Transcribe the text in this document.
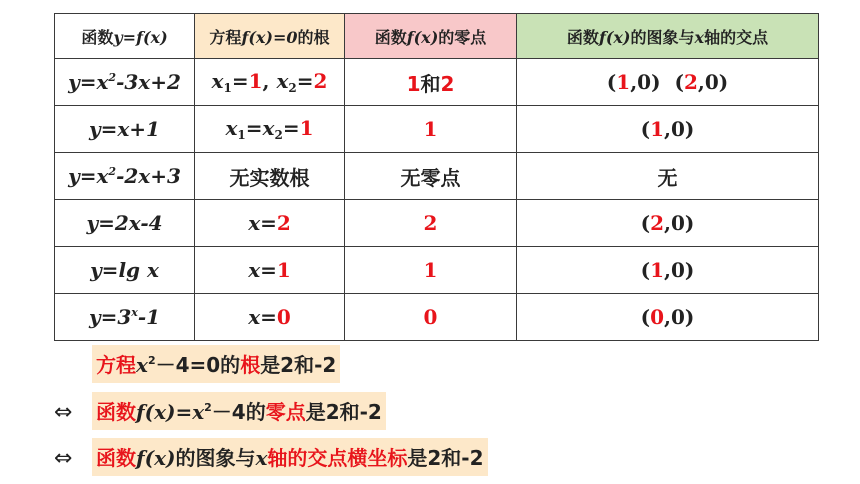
函数y=f(x)	方程f(x)=0的根	函数f(x)的零点	函数f(x)的图象与x轴的交点
$y=x^2-3x+2$	$x_1=1$, $x_2=2$	1和2	(1,0) (2,0)
y=x+1	$x_1=x_2=1$	1	(1,0)
$y=x^2-2x+3$	无实数根	无零点	无
y=2x-4	x=2	2	(2,0)
y=lg x	x=1	1	(1,0)
$y=3^x-1$	x=0	0	(0,0)
方程$x^2-4=0$的根是2和-2
⇔ 函数$f(x)=x^2-4$的零点是2和-2
⇔ 函数f(x)的图象与x轴的交点横坐标是2和-2
